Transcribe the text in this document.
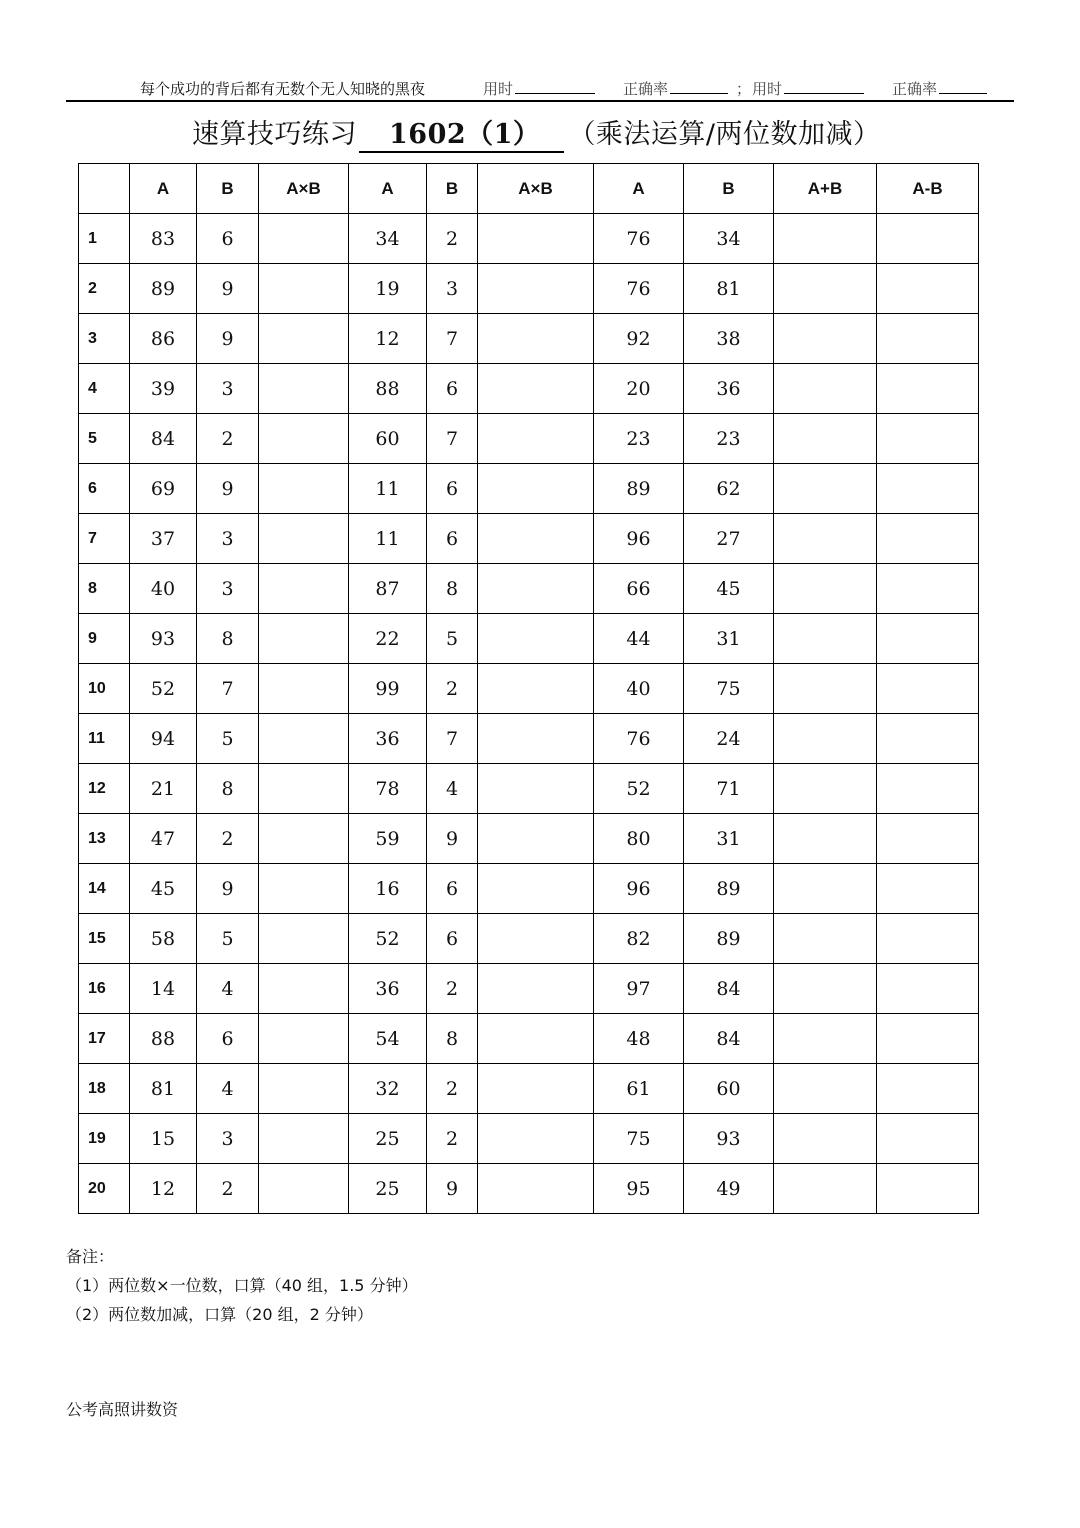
每个成功的背后都有无数个无人知晓的黑夜	用时	正确率	； 用时	正确率
速算技巧练习 1602（1） （乘法运算/两位数加减）
	A	B	A×B	A	B	A×B	A	B	A+B	A-B
1	83	6		34	2		76	34		
2	89	9		19	3		76	81		
3	86	9		12	7		92	38		
4	39	3		88	6		20	36		
5	84	2		60	7		23	23		
6	69	9		11	6		89	62		
7	37	3		11	6		96	27		
8	40	3		87	8		66	45		
9	93	8		22	5		44	31		
10	52	7		99	2		40	75		
11	94	5		36	7		76	24		
12	21	8		78	4		52	71		
13	47	2		59	9		80	31		
14	45	9		16	6		96	89		
15	58	5		52	6		82	89		
16	14	4		36	2		97	84		
17	88	6		54	8		48	84		
18	81	4		32	2		61	60		
19	15	3		25	2		75	93		
20	12	2		25	9		95	49		
备注：
（1）两位数×一位数，口算（40 组，1.5 分钟）
（2）两位数加减，口算（20 组，2 分钟）
公考高照讲数资
